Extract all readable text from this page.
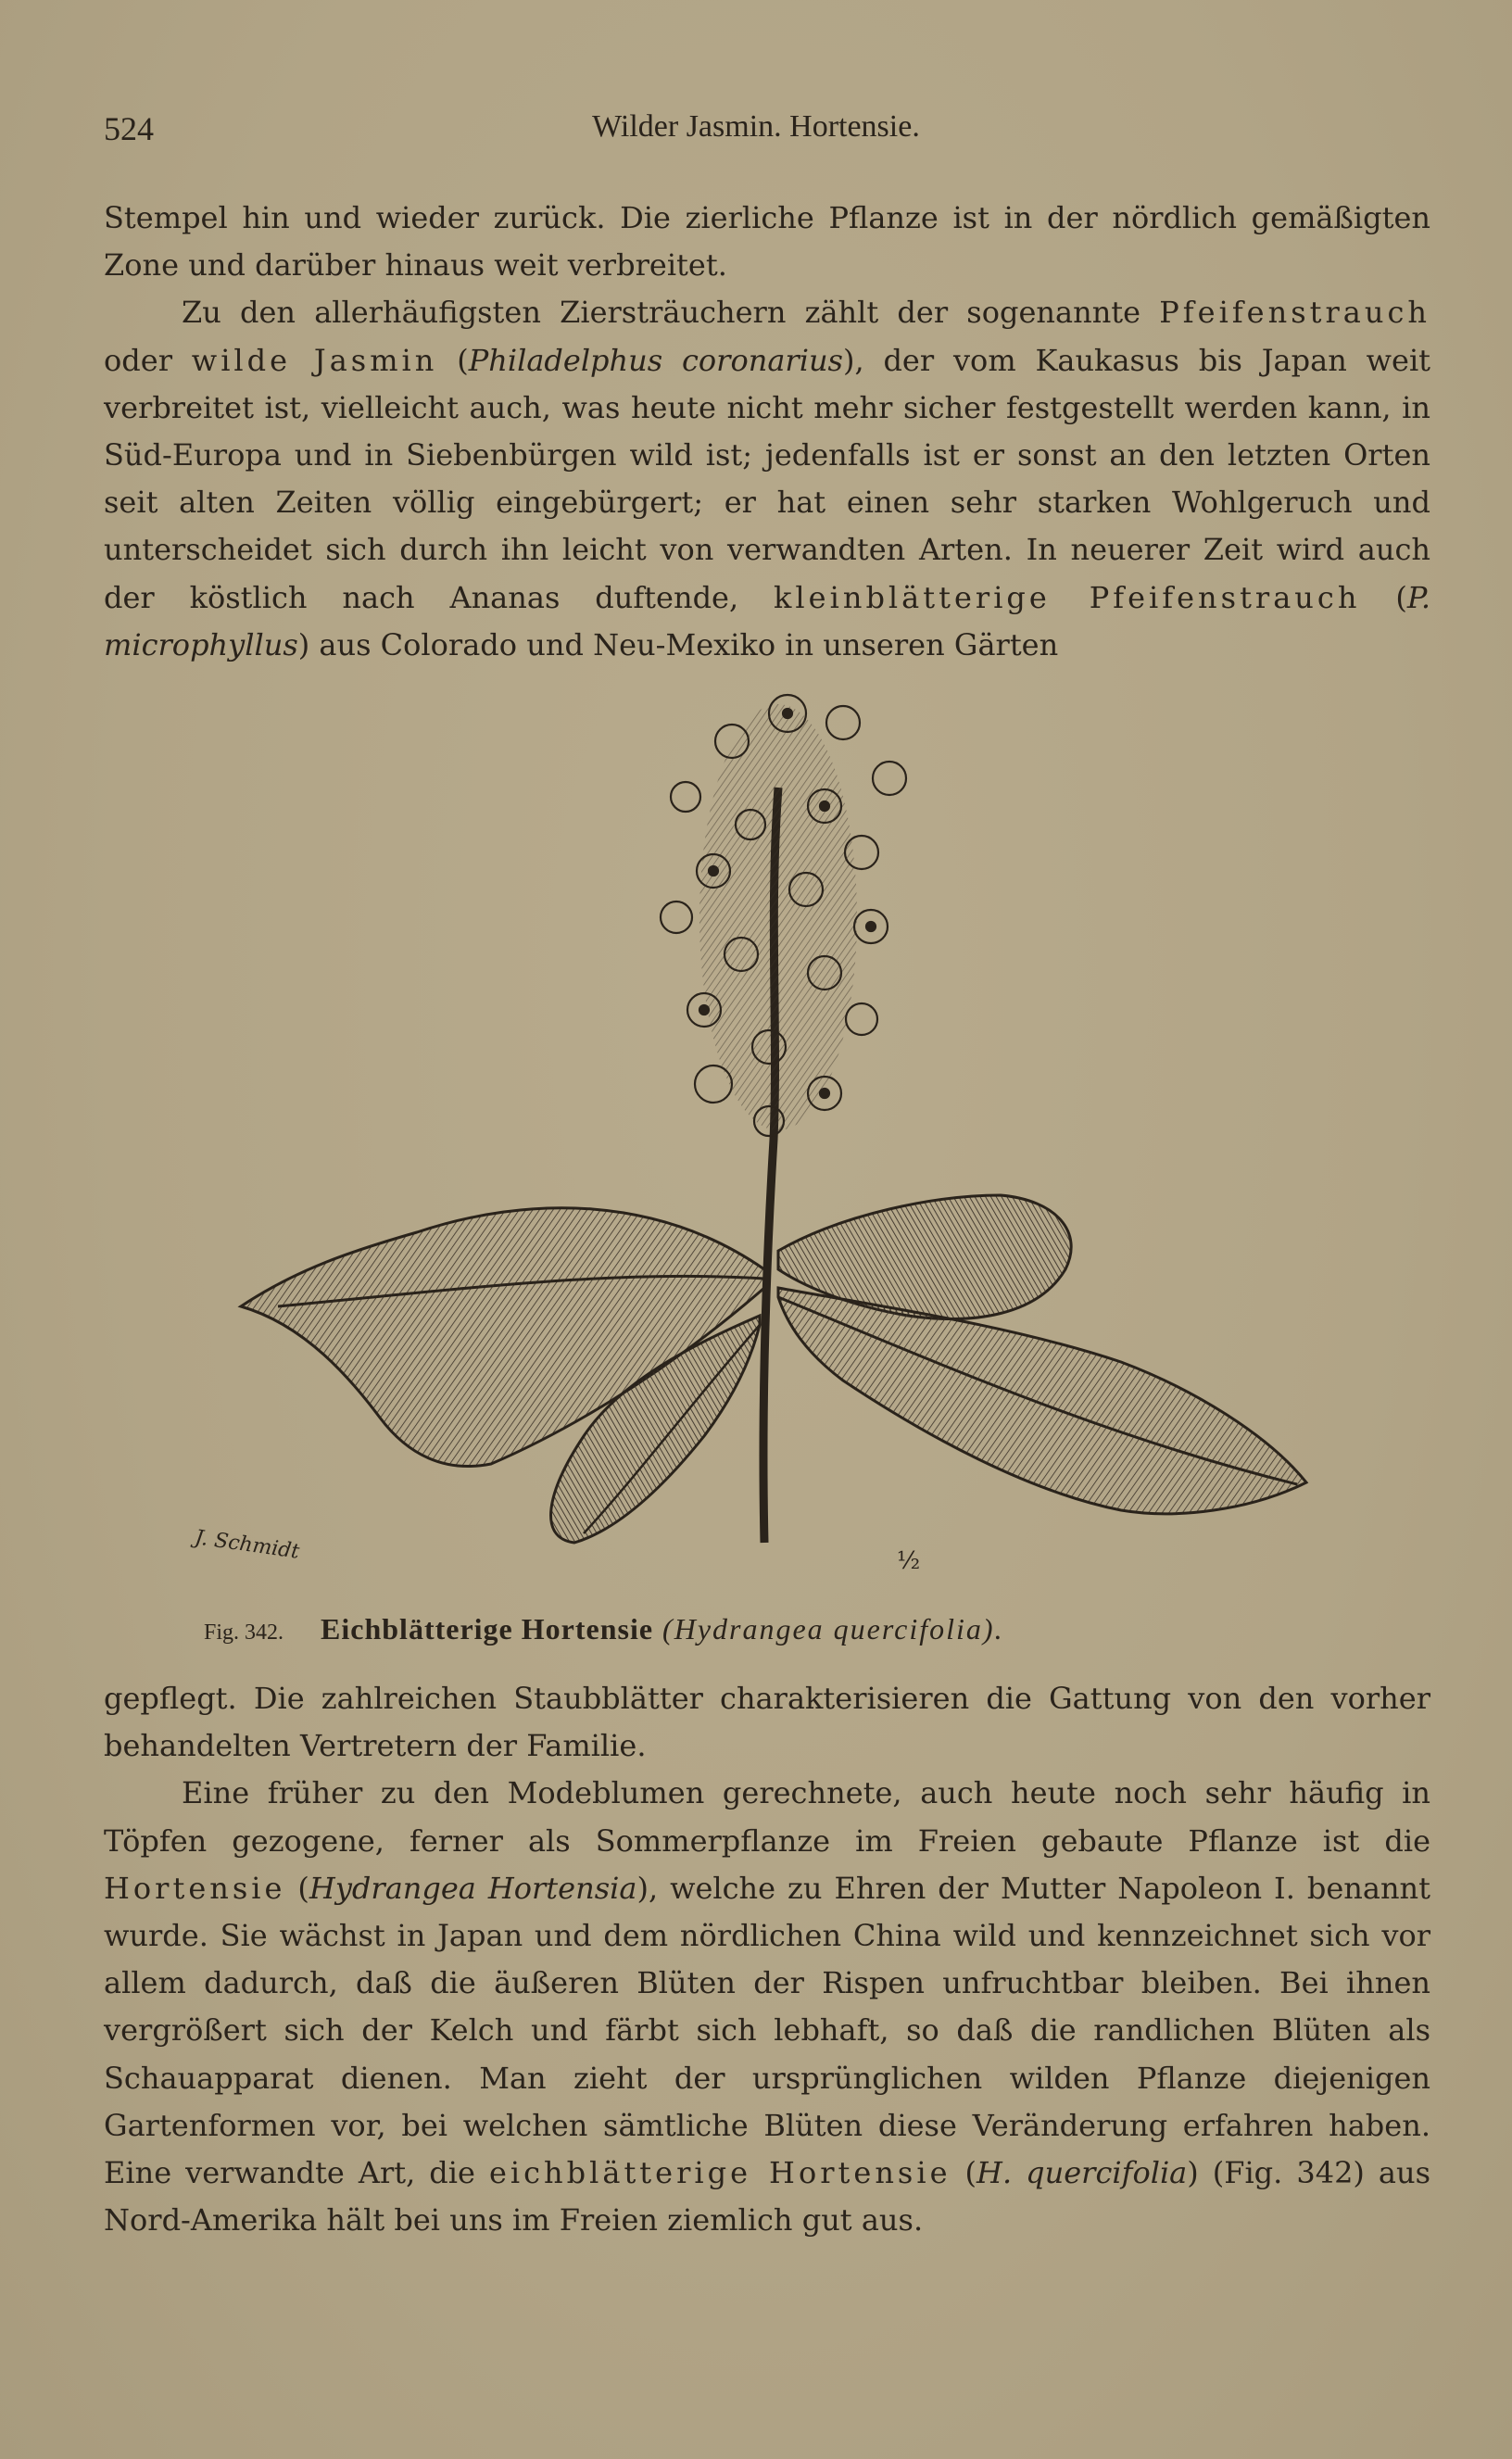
524	Wilder Jasmin. Hortensie.

Stempel hin und wieder zurück. Die zierliche Pflanze ist in der nördlich gemäßigten Zone und darüber hinaus weit verbreitet.

Zu den allerhäufigsten Ziersträuchern zählt der sogenannte Pfeifenstrauch oder wilde Jasmin (Philadelphus coronarius), der vom Kaukasus bis Japan weit verbreitet ist, vielleicht auch, was heute nicht mehr sicher festgestellt werden kann, in Süd-Europa und in Siebenbürgen wild ist; jedenfalls ist er sonst an den letzten Orten seit alten Zeiten völlig eingebürgert; er hat einen sehr starken Wohlgeruch und unterscheidet sich durch ihn leicht von verwandten Arten. In neuerer Zeit wird auch der köstlich nach Ananas duftende, kleinblätterige Pfeifenstrauch (P. microphyllus) aus Colorado und Neu-Mexiko in unseren Gärten

J. Schmidt	½
Fig. 342. Eichblätterige Hortensie (Hydrangea quercifolia).

gepflegt. Die zahlreichen Staubblätter charakterisieren die Gattung von den vorher behandelten Vertretern der Familie.

Eine früher zu den Modeblumen gerechnete, auch heute noch sehr häufig in Töpfen gezogene, ferner als Sommerpflanze im Freien gebaute Pflanze ist die Hortensie (Hydrangea Hortensia), welche zu Ehren der Mutter Napoleon I. benannt wurde. Sie wächst in Japan und dem nördlichen China wild und kennzeichnet sich vor allem dadurch, daß die äußeren Blüten der Rispen unfruchtbar bleiben. Bei ihnen vergrößert sich der Kelch und färbt sich lebhaft, so daß die randlichen Blüten als Schauapparat dienen. Man zieht der ursprünglichen wilden Pflanze diejenigen Gartenformen vor, bei welchen sämtliche Blüten diese Veränderung erfahren haben. Eine verwandte Art, die eichblätterige Hortensie (H. quercifolia) (Fig. 342) aus Nord-Amerika hält bei uns im Freien ziemlich gut aus.
